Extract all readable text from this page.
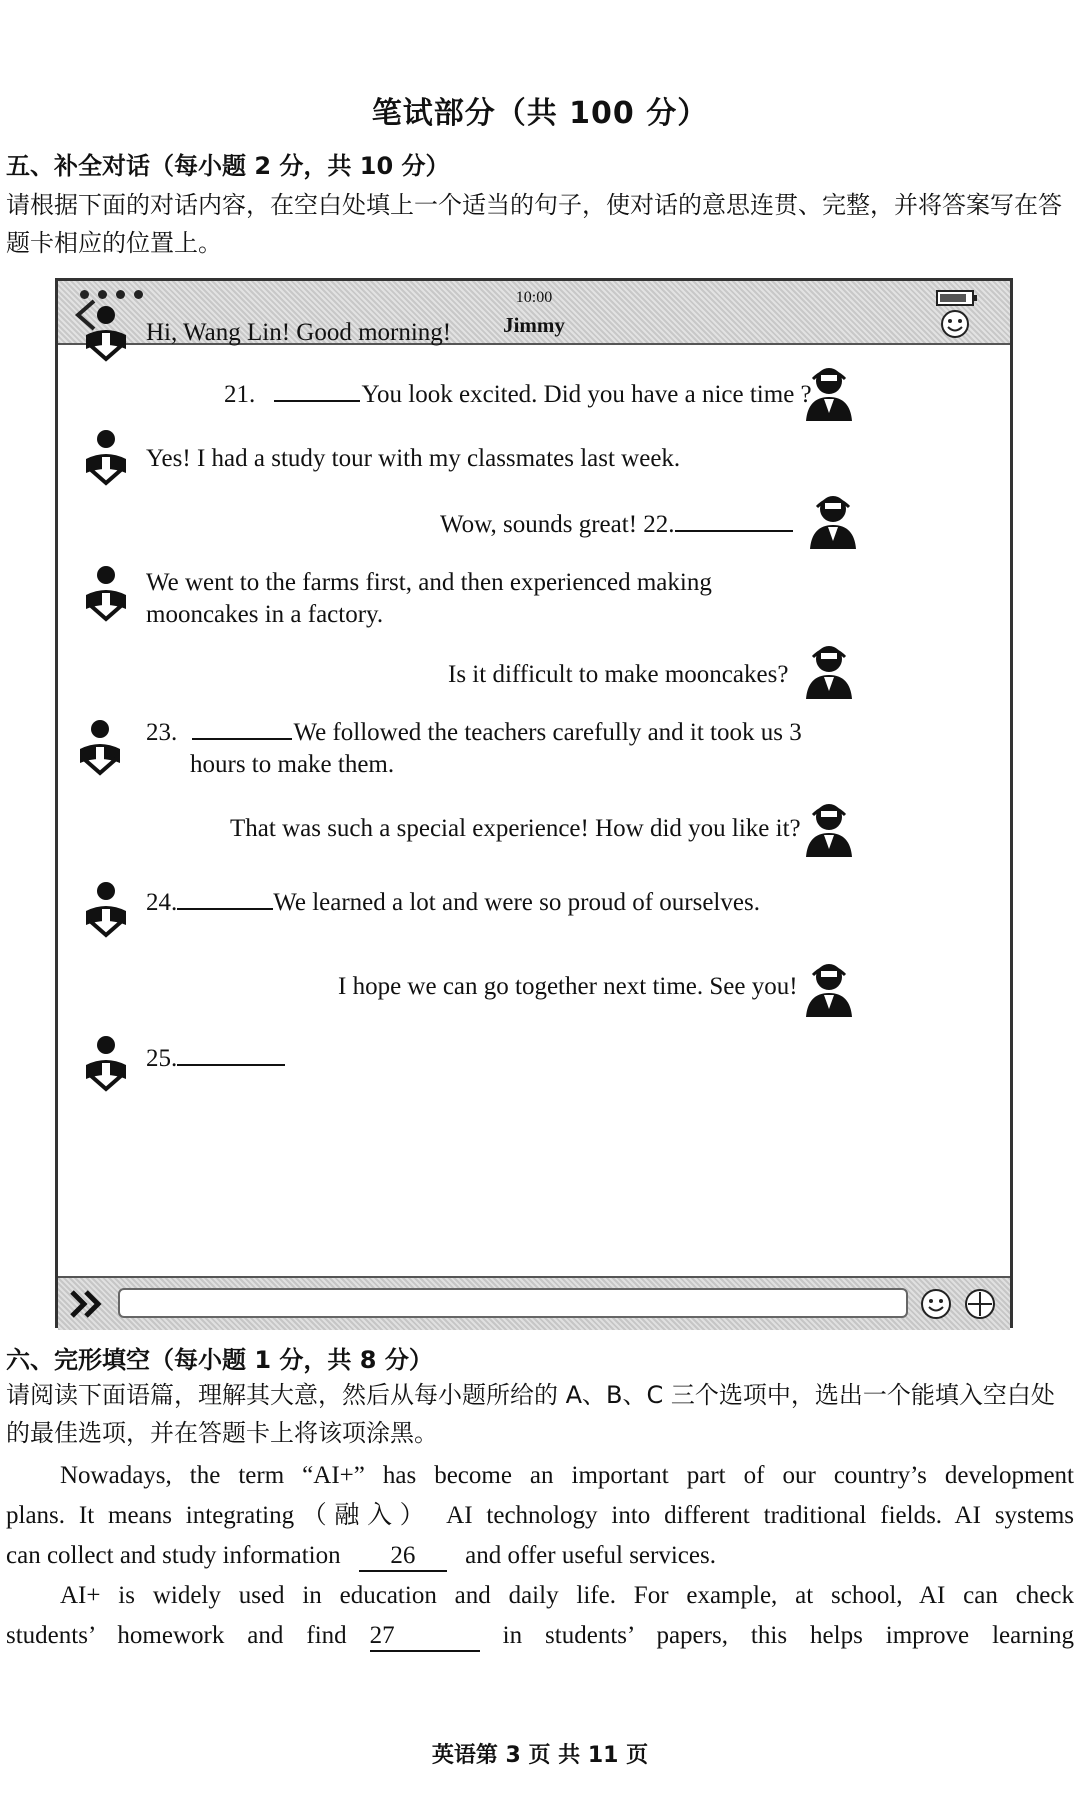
笔试部分（共 100 分）
五、补全对话（每小题 2 分，共 10 分）
请根据下面的对话内容，在空白处填上一个适当的句子，使对话的意思连贯、完整，并将答案写在答题卡相应的位置上。
10:00
Jimmy
Hi, Wang Lin! Good morning!
21.	You look excited. Did you have a nice time ?
Yes! I had a study tour with my classmates last week.
Wow, sounds great! 22.
We went to the farms first, and then experienced making
mooncakes in a factory.
Is it difficult to make mooncakes?
23.	We followed the teachers carefully and it took us 3
hours to make them.
That was such a special experience! How did you like it?
24.	We learned a lot and were so proud of ourselves.
I hope we can go together next time. See you!
25.
六、完形填空（每小题 1 分，共 8 分）
请阅读下面语篇，理解其大意，然后从每小题所给的 A、B、C 三个选项中，选出一个能填入空白处的最佳选项，并在答题卡上将该项涂黑。
Nowadays, the term “AI+” has become an important part of our country’s development
plans. It means integrating（融入） AI technology into different traditional fields. AI systems
can collect and study information 26 and offer useful services.
AI+ is widely used in education and daily life. For example, at school, AI can check
students’ homework and find 27	in students’ papers, this helps improve learning
英语第 3 页 共 11 页
